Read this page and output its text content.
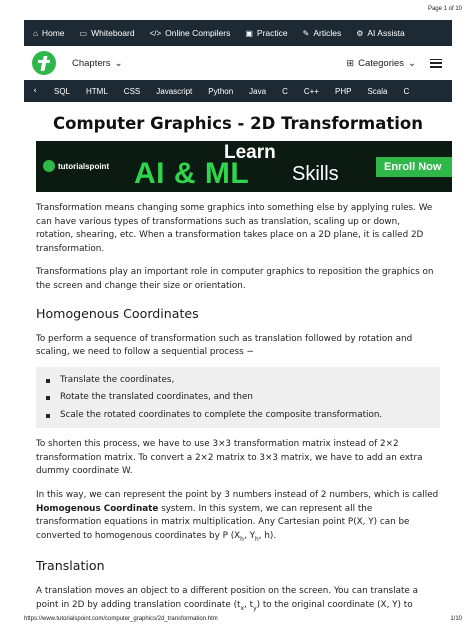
Page 1 of 10
⌂ Home ▭ Whiteboard </> Online Compilers ▣ Practice ✎ Articles ⚙ AI Assista
Chapters ⌄	⊞ Categories ⌄
‹	SQL	HTML	CSS	Javascript	Python	Java	C	C++	PHP	Scala	C
Computer Graphics - 2D Transformation
tutorialspoint
Learn
AI & ML Skills	Enroll Now

Transformation means changing some graphics into something else by applying rules. We can have various types of transformations such as translation, scaling up or down, rotation, shearing, etc. When a transformation takes place on a 2D plane, it is called 2D transformation.

Transformations play an important role in computer graphics to reposition the graphics on the screen and change their size or orientation.

Homogenous Coordinates

To perform a sequence of transformation such as translation followed by rotation and scaling, we need to follow a sequential process −

Translate the coordinates,
Rotate the translated coordinates, and then
Scale the rotated coordinates to complete the composite transformation.

To shorten this process, we have to use 3×3 transformation matrix instead of 2×2 transformation matrix. To convert a 2×2 matrix to 3×3 matrix, we have to add an extra dummy coordinate W.

In this way, we can represent the point by 3 numbers instead of 2 numbers, which is called Homogenous Coordinate system. In this system, we can represent all the transformation equations in matrix multiplication. Any Cartesian point P(X, Y) can be converted to homogenous coordinates by P ($X_h$, $Y_h$, h).

Translation

A translation moves an object to a different position on the screen. You can translate a point in 2D by adding translation coordinate ($t_x$, $t_y$) to the original coordinate (X, Y) to

https://www.tutorialspoint.com/computer_graphics/2d_transformation.htm	1/10
